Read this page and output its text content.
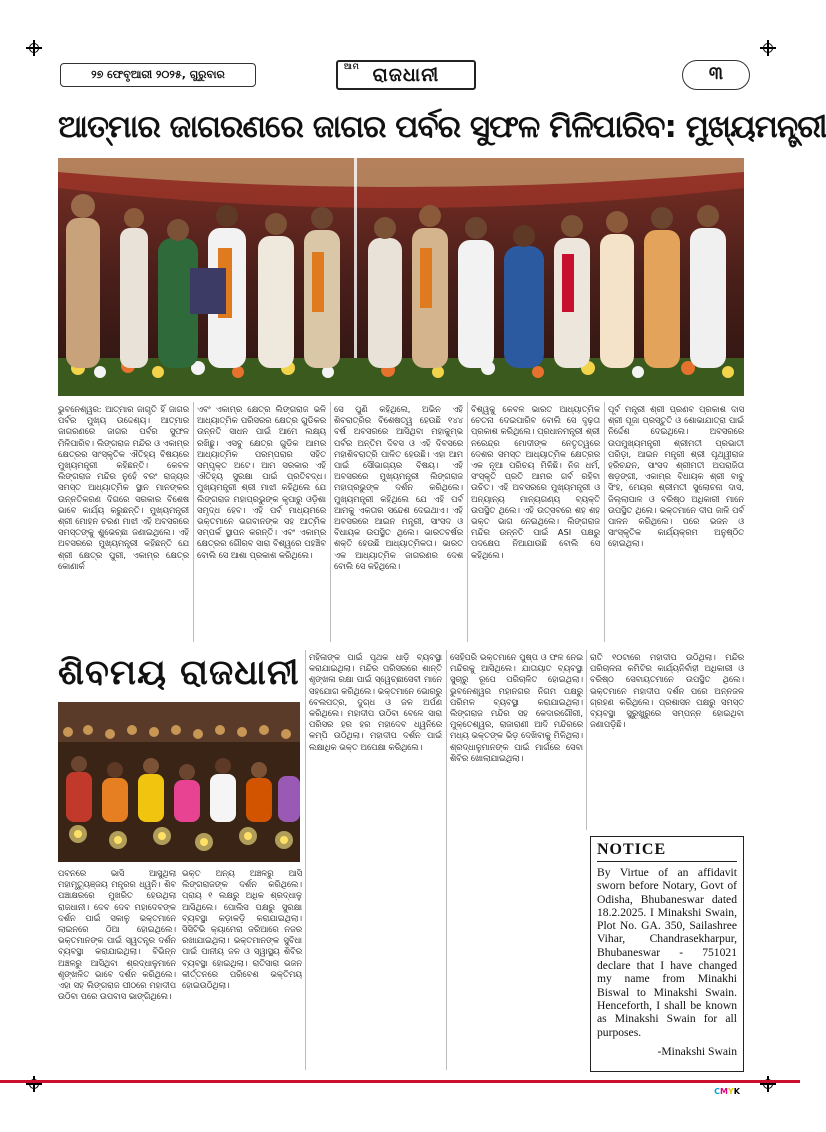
୨୭ ଫେବୃଆରୀ ୨୦୨୫, ଗୁରୁବାର
ଆମ ରାଜଧାନୀ	୩
ଆତ୍ମାର ଜାଗରଣରେ ଜାଗର ପର୍ବର ସୁଫଳ ମିଳିପାରିବ: ମୁଖ୍ୟମନ୍ତ୍ରୀ
ଭୁବନେଶ୍ୱର: ଆତ୍ମାର ଜାଗୃତି ହିଁ ଜାଗର ପର୍ବର ମୁଖ୍ୟ ଉଦ୍ଦେଶ୍ୟ। ଆତ୍ମାର ଜାଗରଣରେ ଜାଗର ପର୍ବର ସୁଫଳ ମିଳିପାରିବ। ଲିଙ୍ଗରାଜ ମନ୍ଦିର ଓ ଏକାମ୍ର କ୍ଷେତ୍ରର ସାଂସ୍କୃତିକ ଐତିହ୍ୟ ବିଷୟରେ ମୁଖ୍ୟମନ୍ତ୍ରୀ କହିଛନ୍ତି। କେବଳ ଲିଙ୍ଗରାଜ ମନ୍ଦିର ନୁହେଁ ବରଂ ରାଜ୍ୟର ସମସ୍ତ ଆଧ୍ୟାତ୍ମିକ ସ୍ଥାନ ମାନଙ୍କର ଉନ୍ନତିକରଣ ଦିଗରେ ସରକାର ବିଶେଷ ଭାବେ କାର୍ଯ୍ୟ କରୁଛନ୍ତି। ମୁଖ୍ୟମନ୍ତ୍ରୀ ଶ୍ରୀ ମୋହନ ଚରଣ ମାଝୀ ଏହି ଅବସରରେ ସମସ୍ତଙ୍କୁ ଶୁଭେଚ୍ଛା ଜଣାଇଥିଲେ। ଏହି ଅବସରରେ ମୁଖ୍ୟମନ୍ତ୍ରୀ କହିଛନ୍ତି ଯେ ଶ୍ରୀ କ୍ଷେତ୍ର ପୁରୀ, ଏକାମ୍ର କ୍ଷେତ୍ର କୋଣାର୍କ
ଏବଂ ଏକାମ୍ର କ୍ଷେତ୍ର ଲିଙ୍ଗରାଜ ଭଳି ଆଧ୍ୟାତ୍ମିକ ପରିସରର କ୍ଷେତ୍ର ଗୁଡିକର ଉନ୍ନତି ସାଧନ ପାଇଁ ଆମେ ଲକ୍ଷ୍ୟ ରଖିଛୁ। ଏସବୁ କ୍ଷେତ୍ର ଗୁଡିକ ଆମର ଆଧ୍ୟାତ୍ମିକ ପରମ୍ପରାର ସହିତ ସମ୍ପୃକ୍ତ ଅଟେ। ଆମ ସରକାର ଏହି ଐତିହ୍ୟ ସୁରକ୍ଷା ପାଇଁ ପ୍ରତିବଦ୍ଧ। ମୁଖ୍ୟମନ୍ତ୍ରୀ ଶ୍ରୀ ମାଝୀ କହିଥିଲେ ଯେ ଲିଙ୍ଗରାଜ ମହାପ୍ରଭୁଙ୍କ କୃପାରୁ ଓଡ଼ିଶା ସମୃଦ୍ଧ ହେବ। ଏହି ପର୍ବ ମାଧ୍ୟମରେ ଭକ୍ତମାନେ ଭଗବାନଙ୍କ ସହ ଆତ୍ମିକ ସମ୍ପର୍କ ସ୍ଥାପନ କରନ୍ତି। ଏବଂ ଏକାମ୍ର କ୍ଷେତ୍ରର ଗୌରବ ସାରା ବିଶ୍ୱରେ ପହଞ୍ଚିବ ବୋଲି ସେ ଆଶା ପ୍ରକାଶ କରିଥିଲେ।
ସେ ପୁଣି କହିଥିଲେ, ଅଭିନ ଏହି ଶିବରାତ୍ରିର ବିଶେଷତ୍ୱ ହେଉଛି ୧୪୪ ବର୍ଷ ଅବସରରେ ଆସିଥିବା ମହାକୁମ୍ଭ ପର୍ବର ଅନ୍ତିମ ଦିବସ ଓ ଏହି ଦିବସରେ ମହାଶିବରାତ୍ରି ପାଳିତ ହେଉଛି। ଏହା ଆମ ପାଇଁ ସୌଭାଗ୍ୟର ବିଷୟ। ଏହି ଅବସରରେ ମୁଖ୍ୟମନ୍ତ୍ରୀ ଲିଙ୍ଗରାଜ ମହାପ୍ରଭୁଙ୍କ ଦର୍ଶନ କରିଥିଲେ। ମୁଖ୍ୟମନ୍ତ୍ରୀ କହିଥିଲେ ଯେ ଏହି ପର୍ବ ଆମକୁ ଏକତାର ସନ୍ଦେଶ ଦେଇଥାଏ। ଏହି ଅବସରରେ ଆଇନ ମନ୍ତ୍ରୀ, ସାଂସଦ ଓ ବିଧାୟକ ଉପସ୍ଥିତ ଥିଲେ। ଭାରତବର୍ଷର ଶକ୍ତି ହେଉଛି ଆଧ୍ୟାତ୍ମିକତା। ଭାରତ ଏକ ଆଧ୍ୟାତ୍ମିକ ଜାଗରଣର ଦେଶ ବୋଲି ସେ କହିଥିଲେ।
ବିଶ୍ୱକୁ କେବଳ ଭାରତ ଆଧ୍ୟାତ୍ମିକ ଚେତନା ଦେଇପାରିବ ବୋଲି ସେ ଦୃଢ଼ତା ପ୍ରକାଶ କରିଥିଲେ। ପ୍ରଧାନମନ୍ତ୍ରୀ ଶ୍ରୀ ନରେନ୍ଦ୍ର ମୋଦୀଙ୍କ ନେତୃତ୍ୱରେ ଦେଶର ସମସ୍ତ ଆଧ୍ୟାତ୍ମିକ କ୍ଷେତ୍ରର ଏକ ନୂଆ ପରିଚୟ ମିଳିଛି। ନିଜ ଧର୍ମ, ସଂସ୍କୃତି ପ୍ରତି ଆମର ଗର୍ବ ରହିବା ଉଚିତ। ଏହି ଅବସରରେ ମୁଖ୍ୟମନ୍ତ୍ରୀ ଓ ଅନ୍ୟାନ୍ୟ ମାନ୍ୟଗଣ୍ୟ ବ୍ୟକ୍ତି ଉପସ୍ଥିତ ଥିଲେ। ଏହି ଉତ୍ସବରେ ଶହ ଶହ ଭକ୍ତ ଭାଗ ନେଇଥିଲେ। ଲିଙ୍ଗରାଜ ମନ୍ଦିର ଉନ୍ନତି ପାଇଁ ASI ପକ୍ଷରୁ ପଦକ୍ଷେପ ନିଆଯାଉଛି ବୋଲି ସେ କହିଥିଲେ।
ପୂର୍ବ ମନ୍ତ୍ରୀ ଶ୍ରୀ ପ୍ରଣବ ପ୍ରକାଶ ଦାସ ଶ୍ରୀ ପୂଜା ପ୍ରସ୍ତୁତି ଓ ଶୋଭାଯାତ୍ରା ପାଇଁ ନିର୍ଦ୍ଦେଶ ଦେଇଥିଲେ। ଅବସରରେ ଉପମୁଖ୍ୟମନ୍ତ୍ରୀ ଶ୍ରୀମତୀ ପ୍ରଭାତୀ ପରିଡ଼ା, ଆଇନ ମନ୍ତ୍ରୀ ଶ୍ରୀ ପୃଥ୍ୱୀରାଜ ହରିଚନ୍ଦନ, ସାଂସଦ ଶ୍ରୀମତୀ ଅପରାଜିତା ଷଡ଼ଙ୍ଗୀ, ଏକାମ୍ର ବିଧାୟକ ଶ୍ରୀ ବାବୁ ସିଂହ, ମେୟର ଶ୍ରୀମତୀ ସୁଲୋଚନା ଦାସ, ଜିଲ୍ଲାପାଳ ଓ ବରିଷ୍ଠ ଅଧିକାରୀ ମାନେ ଉପସ୍ଥିତ ଥିଲେ। ଭକ୍ତମାନେ ଦୀପ ଜାଳି ପର୍ବ ପାଳନ କରିଥିଲେ। ପରେ ଭଜନ ଓ ସାଂସ୍କୃତିକ କାର୍ଯ୍ୟକ୍ରମ ଅନୁଷ୍ଠିତ ହୋଇଥିଲା।
ଶିବମୟ ରାଜଧାନୀ
ପବନରେ ଭାସି ଆସୁଥିଲା ମହାମୃତ୍ୟୁଞ୍ଜୟ ମନ୍ତ୍ରର ଧ୍ୱନି। ଶିବ ପଞ୍ଚାକ୍ଷରରେ ମୁଖରିତ ହେଉଥିଲା ରାଜଧାନୀ। ଦେବ ଦେବ ମହାଦେବଙ୍କ ଦର୍ଶନ ପାଇଁ ସକାଳୁ ଭକ୍ତମାନେ ଲାଇନରେ ଠିଆ ହୋଇଥିଲେ। ଭକ୍ତମାନଙ୍କ ପାଇଁ ସ୍ୱତନ୍ତ୍ର ଦର୍ଶନ ବ୍ୟବସ୍ଥା କରାଯାଇଥିଲା। ବିଭିନ୍ନ ଅଞ୍ଚଳରୁ ଆସିଥିବା ଶ୍ରଦ୍ଧାଳୁମାନେ ଶୃଙ୍ଖଳିତ ଭାବେ ଦର୍ଶନ କରିଥିଲେ। ଏହା ସହ ଲିଙ୍ଗରାଜ ପୀଠରେ ମହାଦୀପ ଉଠିବା ପରେ ଉପବାସ ଭାଙ୍ଗିଥିଲେ।
ଭକ୍ତ ଅନ୍ୟ ଅଞ୍ଚଳରୁ ଆସି ଲିଙ୍ଗରାଜଙ୍କ ଦର୍ଶନ କରିଥିଲେ। ପ୍ରାୟ ୧ ଲକ୍ଷରୁ ଅଧିକ ଶ୍ରଦ୍ଧାଳୁ ଆସିଥିଲେ। ପୋଲିସ ପକ୍ଷରୁ ସୁରକ୍ଷା ବ୍ୟବସ୍ଥା କଡ଼ାକଡ଼ି କରାଯାଇଥିଲା। ସିସିଟିଭି କ୍ୟାମେରା ଜରିଆରେ ନଜର ରଖାଯାଇଥିଲା। ଭକ୍ତମାନଙ୍କ ସୁବିଧା ପାଇଁ ପାନୀୟ ଜଳ ଓ ସ୍ୱାସ୍ଥ୍ୟ ଶିବିର ବ୍ୟବସ୍ଥା ହୋଇଥିଲା। ରାତିସାରା ଭଜନ କୀର୍ତ୍ତନରେ ପରିବେଶ ଭକ୍ତିମୟ ହୋଇଉଠିଥିଲା।
ମହିଳାଙ୍କ ପାଇଁ ପୃଥକ ଧାଡ଼ି ବ୍ୟବସ୍ଥା କରାଯାଇଥିଲା। ମନ୍ଦିର ପରିସରରେ ଶାନ୍ତି ଶୃଙ୍ଖଳା ରକ୍ଷା ପାଇଁ ସ୍ୱେଚ୍ଛାସେବୀ ମାନେ ସହଯୋଗ କରିଥିଲେ। ଭକ୍ତମାନେ ଭୋରରୁ ବେଲପତ୍ର, ଦୁଗ୍ଧ ଓ ଜଳ ଅର୍ପଣ କରିଥିଲେ। ମହାଦୀପ ଉଠିବା ବେଳେ ସାରା ପରିସର ହର ହର ମହାଦେବ ଧ୍ୱନିରେ କମ୍ପି ଉଠିଥିଲା। ମହାଦୀପ ଦର୍ଶନ ପାଇଁ ଲକ୍ଷାଧିକ ଭକ୍ତ ଅପେକ୍ଷା କରିଥିଲେ।
ସେହିପରି ଭକ୍ତମାନେ ପୁଷ୍ପ ଓ ଫଳ ନେଇ ମନ୍ଦିରକୁ ଆସିଥିଲେ। ଯାତାୟାତ ବ୍ୟବସ୍ଥା ସୁଚାରୁ ରୂପେ ପରିଚାଳିତ ହୋଇଥିଲା। ଭୁବନେଶ୍ୱର ମହାନଗର ନିଗମ ପକ୍ଷରୁ ପରିମଳ ବ୍ୟବସ୍ଥା କରାଯାଇଥିଲା। ଲିଙ୍ଗରାଜ ମନ୍ଦିର ସହ କେଦାରଗୌରୀ, ମୁକ୍ତେଶ୍ୱର, ରାଜାରାଣୀ ଆଦି ମନ୍ଦିରରେ ମଧ୍ୟ ଭକ୍ତଙ୍କ ଭିଡ଼ ଦେଖିବାକୁ ମିଳିଥିଲା। ଶ୍ରଦ୍ଧାଳୁମାନଙ୍କ ପାଇଁ ମାର୍ଗରେ ସେବା ଶିବିର ଖୋଲାଯାଇଥିଲା।
ରାତି ୧୦ଟାରେ ମହାଦୀପ ଉଠିଥିଲା। ମନ୍ଦିର ପରିଚାଳନା କମିଟିର କାର୍ଯ୍ୟନିର୍ବାହୀ ଅଧିକାରୀ ଓ ବରିଷ୍ଠ ସେବାୟତମାନେ ଉପସ୍ଥିତ ଥିଲେ। ଭକ୍ତମାନେ ମହାଦୀପ ଦର୍ଶନ ପରେ ଅନ୍ନଜଳ ଗ୍ରହଣ କରିଥିଲେ। ପ୍ରଶାସନ ପକ୍ଷରୁ ସମସ୍ତ ବ୍ୟବସ୍ଥା ସୁରୁଖୁରୁରେ ସମ୍ପନ୍ନ ହୋଇଥିବା ଜଣାପଡ଼ିଛି।
NOTICE
By Virtue of an affidavit sworn before Notary, Govt of Odisha, Bhubaneswar dated 18.2.2025. I Minakshi Swain, Plot No. GA. 350, Sailashree Vihar, Chandrasekharpur, Bhubaneswar - 751021 declare that I have changed my name from Minakhi Biswal to Minakshi Swain. Henceforth, I shall be known as Minakshi Swain for all purposes.
-Minakshi Swain
CMYK
